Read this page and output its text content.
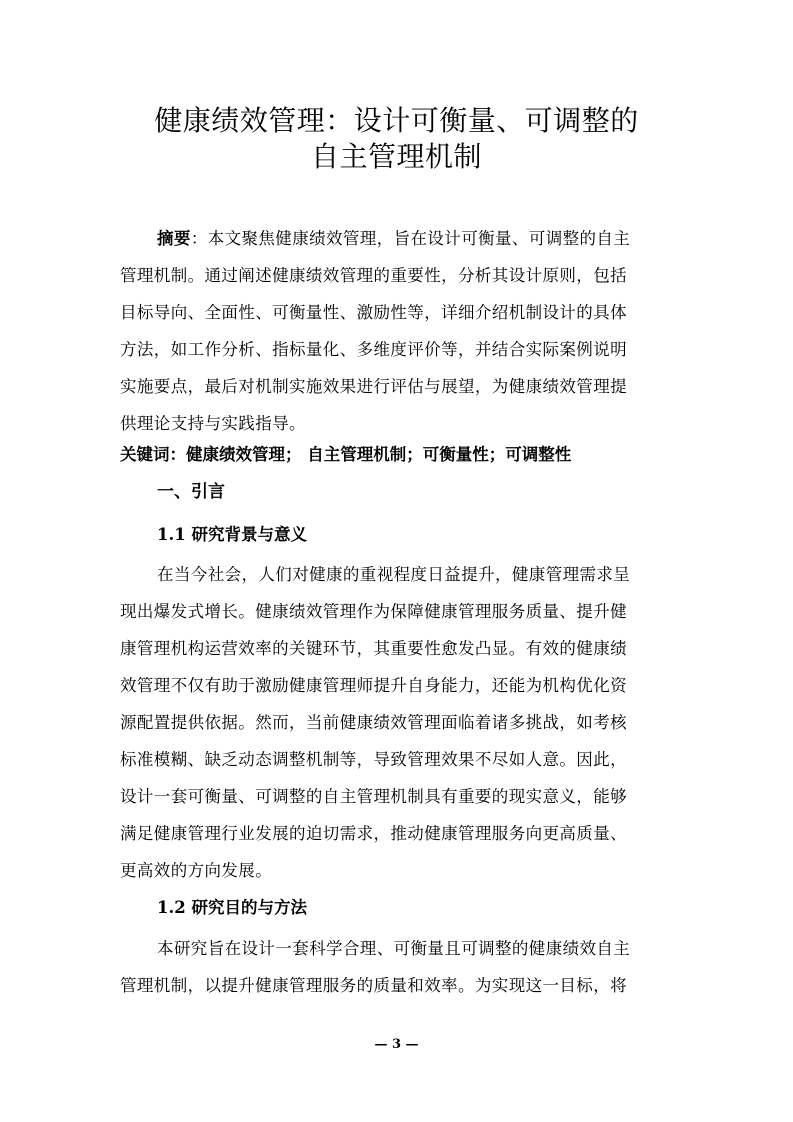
健康绩效管理：设计可衡量、可调整的
自主管理机制
摘要：本文聚焦健康绩效管理，旨在设计可衡量、可调整的自主
管理机制。通过阐述健康绩效管理的重要性，分析其设计原则，包括
目标导向、全面性、可衡量性、激励性等，详细介绍机制设计的具体
方法，如工作分析、指标量化、多维度评价等，并结合实际案例说明
实施要点，最后对机制实施效果进行评估与展望，为健康绩效管理提
供理论支持与实践指导。
关键词：健康绩效管理； 自主管理机制；可衡量性；可调整性
一、引言
1.1 研究背景与意义
在当今社会，人们对健康的重视程度日益提升，健康管理需求呈
现出爆发式增长。健康绩效管理作为保障健康管理服务质量、提升健
康管理机构运营效率的关键环节，其重要性愈发凸显。有效的健康绩
效管理不仅有助于激励健康管理师提升自身能力，还能为机构优化资
源配置提供依据。然而，当前健康绩效管理面临着诸多挑战，如考核
标准模糊、缺乏动态调整机制等，导致管理效果不尽如人意。因此，
设计一套可衡量、可调整的自主管理机制具有重要的现实意义，能够
满足健康管理行业发展的迫切需求，推动健康管理服务向更高质量、
更高效的方向发展。
1.2 研究目的与方法
本研究旨在设计一套科学合理、可衡量且可调整的健康绩效自主
管理机制，以提升健康管理服务的质量和效率。为实现这一目标，将
— 3 —
